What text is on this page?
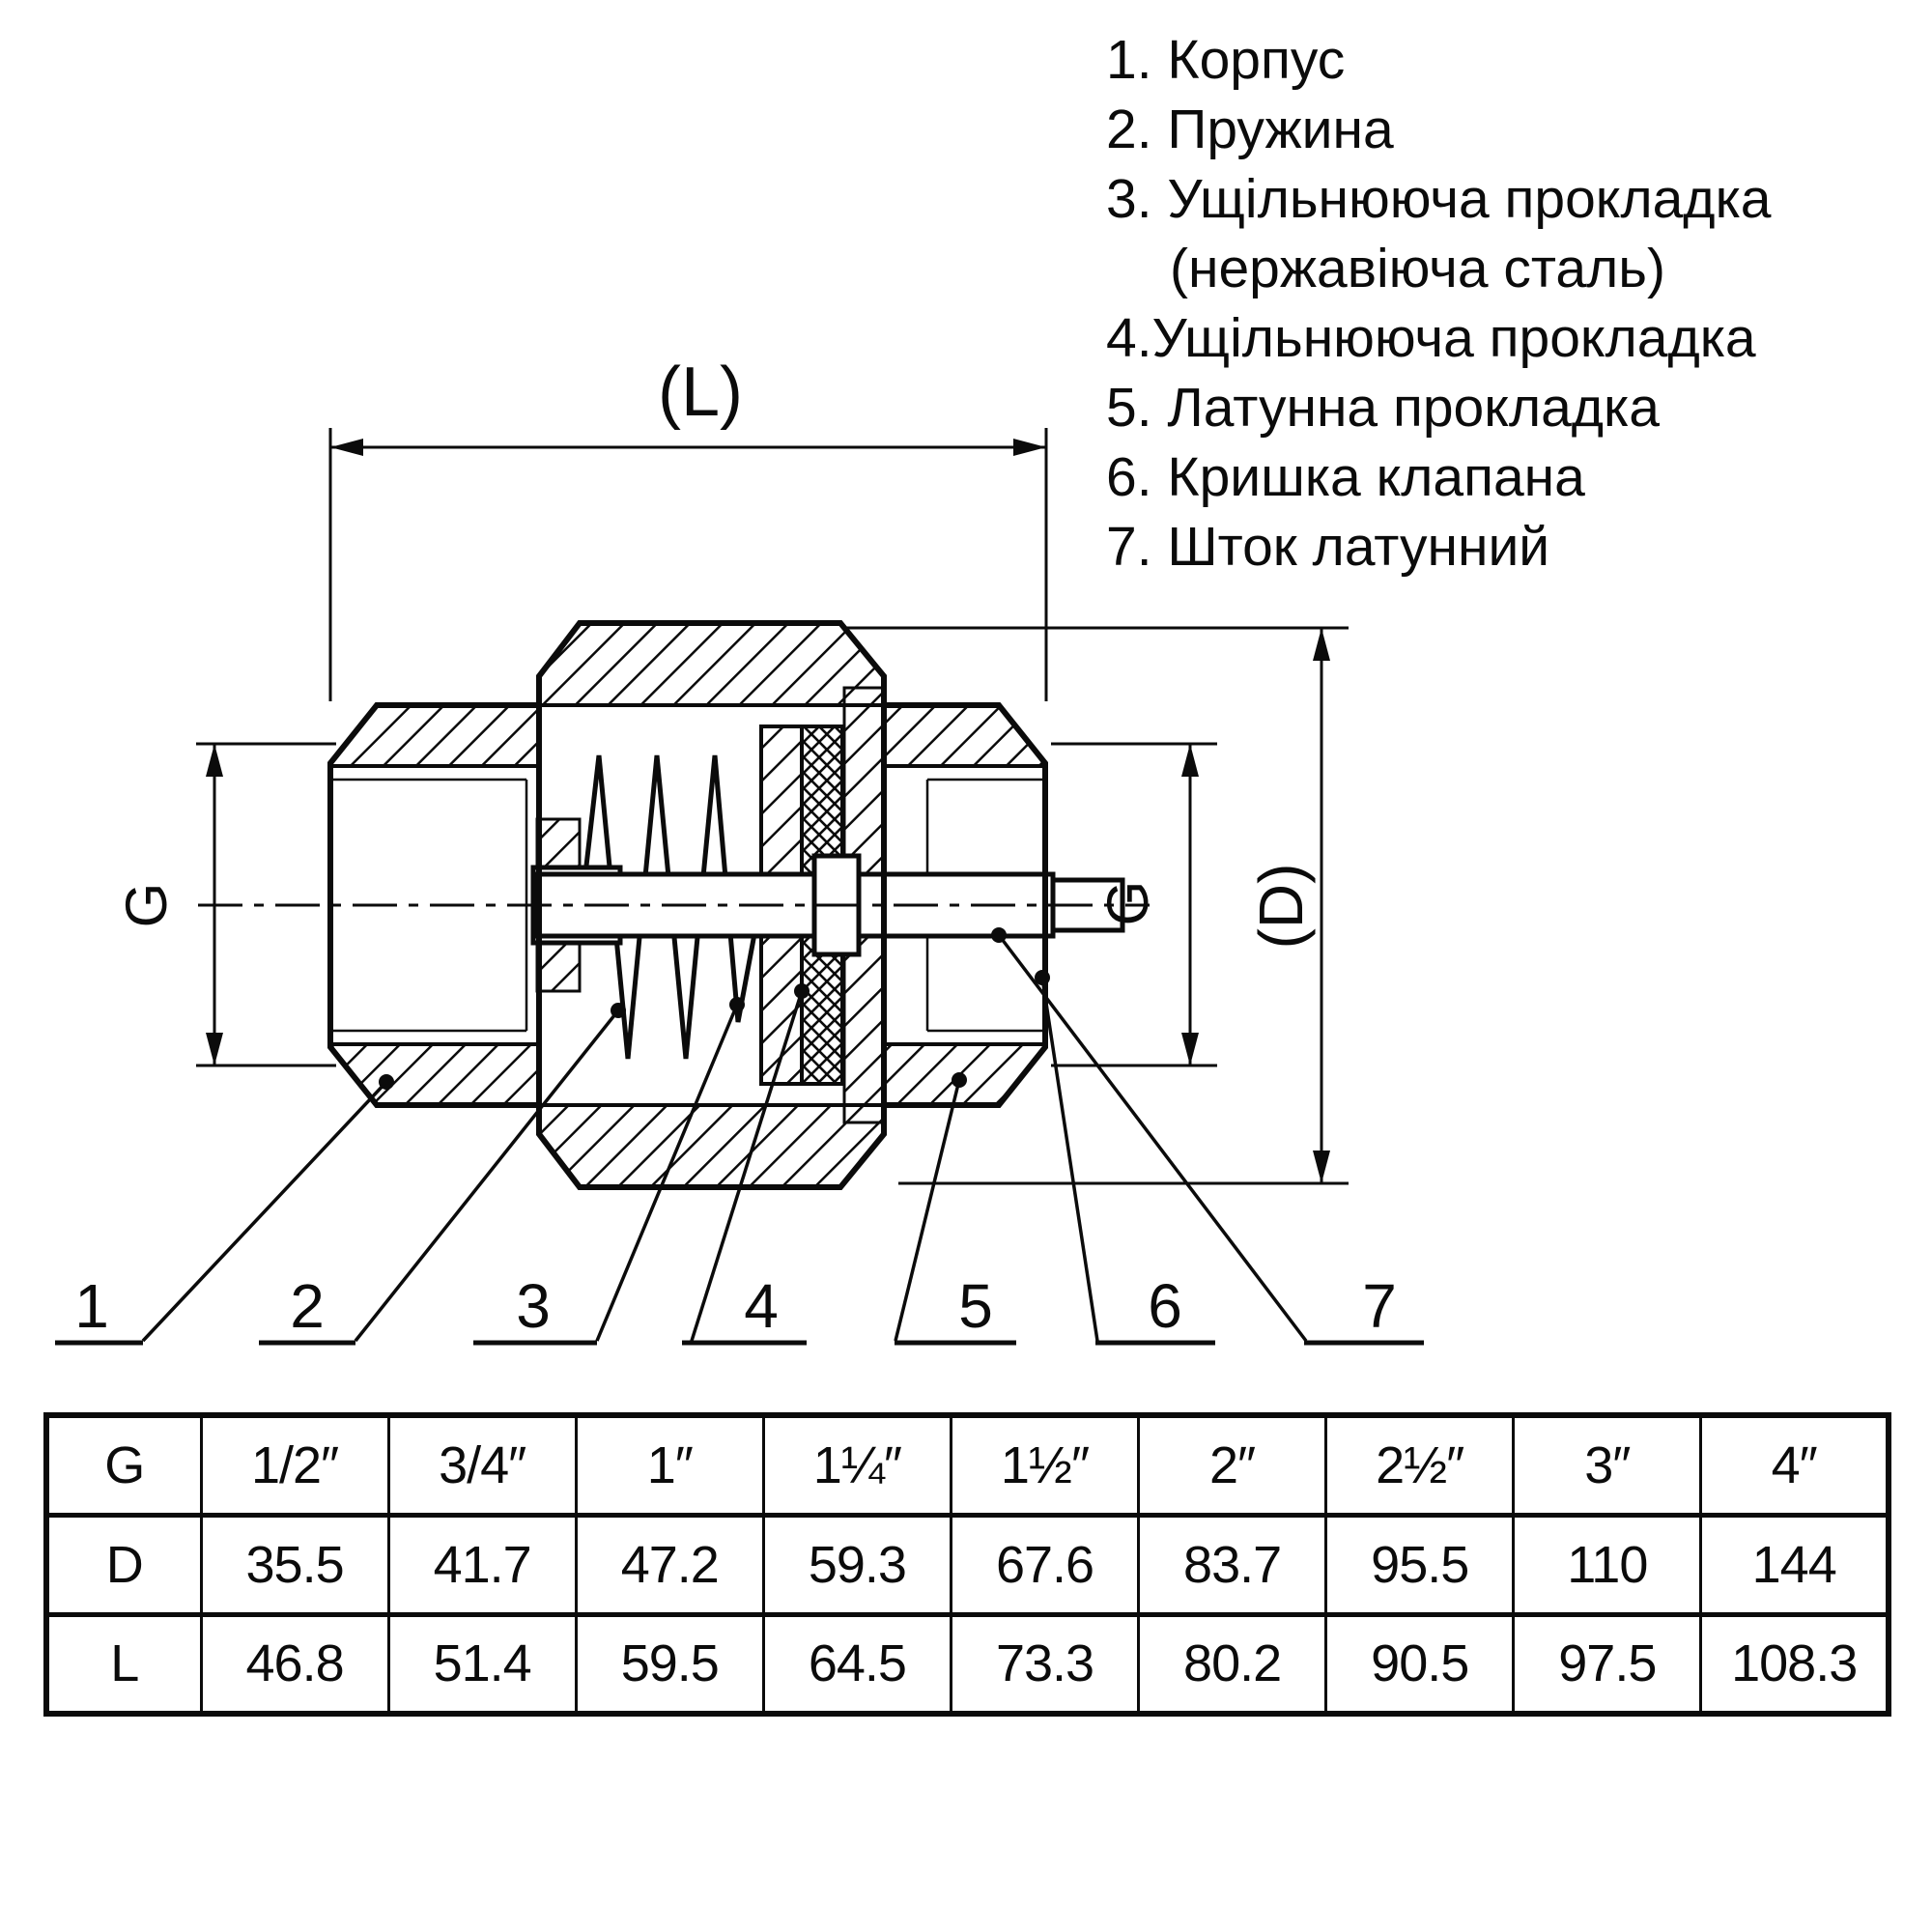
(L)
(D)
G	G
1	2	3	4	5	6	7
1. Корпус
2. Пружина
3. Ущільнююча прокладка
(нержавіюча сталь)
4.Ущільнююча прокладка
5. Латунна прокладка
6. Кришка клапана
7. Шток латунний
G	1/2″	3/4″	1″	1¼″	1½″	2″	2½″	3″	4″
D	35.5	41.7	47.2	59.3	67.6	83.7	95.5	110	144
L	46.8	51.4	59.5	64.5	73.3	80.2	90.5	97.5	108.3
